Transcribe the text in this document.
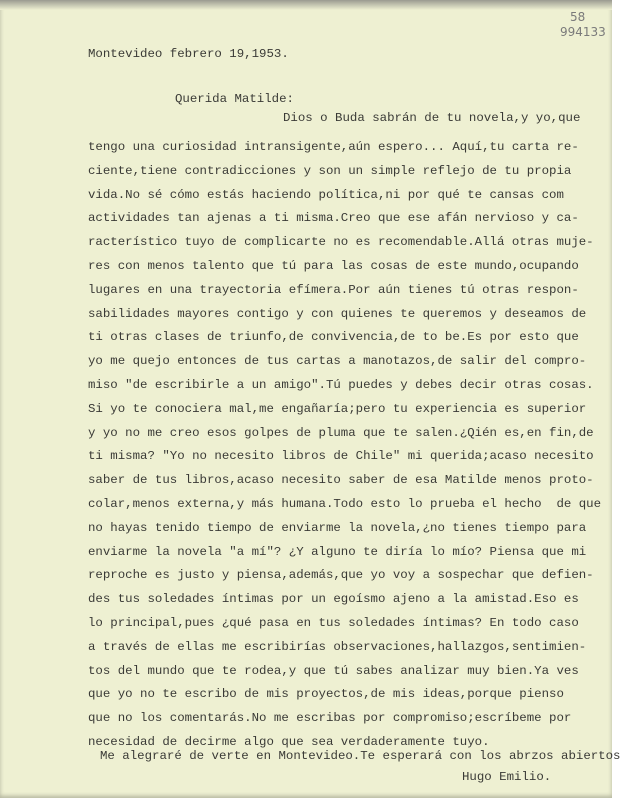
58
994133
Montevideo febrero 19,1953.
Querida Matilde:
Dios o Buda sabrán de tu novela,y yo,que
tengo una curiosidad intransigente,aún espero... Aquí,tu carta re-
ciente,tiene contradicciones y son un simple reflejo de tu propia
vida.No sé cómo estás haciendo política,ni por qué te cansas com
actividades tan ajenas a ti misma.Creo que ese afán nervioso y ca-
racterístico tuyo de complicarte no es recomendable.Allá otras muje-
res con menos talento que tú para las cosas de este mundo,ocupando
lugares en una trayectoria efímera.Por aún tienes tú otras respon-
sabilidades mayores contigo y con quienes te queremos y deseamos de
ti otras clases de triunfo,de convivencia,de to be.Es por esto que
yo me quejo entonces de tus cartas a manotazos,de salir del compro-
miso "de escribirle a un amigo".Tú puedes y debes decir otras cosas.
Si yo te conociera mal,me engañaría;pero tu experiencia es superior
y yo no me creo esos golpes de pluma que te salen.¿Qién es,en fin,de
ti misma? "Yo no necesito libros de Chile" mi querida;acaso necesito
saber de tus libros,acaso necesito saber de esa Matilde menos proto-
colar,menos externa,y más humana.Todo esto lo prueba el hecho  de que
no hayas tenido tiempo de enviarme la novela,¿no tienes tiempo para
enviarme la novela "a mí"? ¿Y alguno te diría lo mío? Piensa que mi
reproche es justo y piensa,además,que yo voy a sospechar que defien-
des tus soledades íntimas por un egoísmo ajeno a la amistad.Eso es
lo principal,pues ¿qué pasa en tus soledades íntimas? En todo caso
a través de ellas me escribirías observaciones,hallazgos,sentimien-
tos del mundo que te rodea,y que tú sabes analizar muy bien.Ya ves
que yo no te escribo de mis proyectos,de mis ideas,porque pienso
que no los comentarás.No me escribas por compromiso;escríbeme por
necesidad de decirme algo que sea verdaderamente tuyo.
Me alegraré de verte en Montevideo.Te esperará con los abrzos abiertos
Hugo Emilio.
